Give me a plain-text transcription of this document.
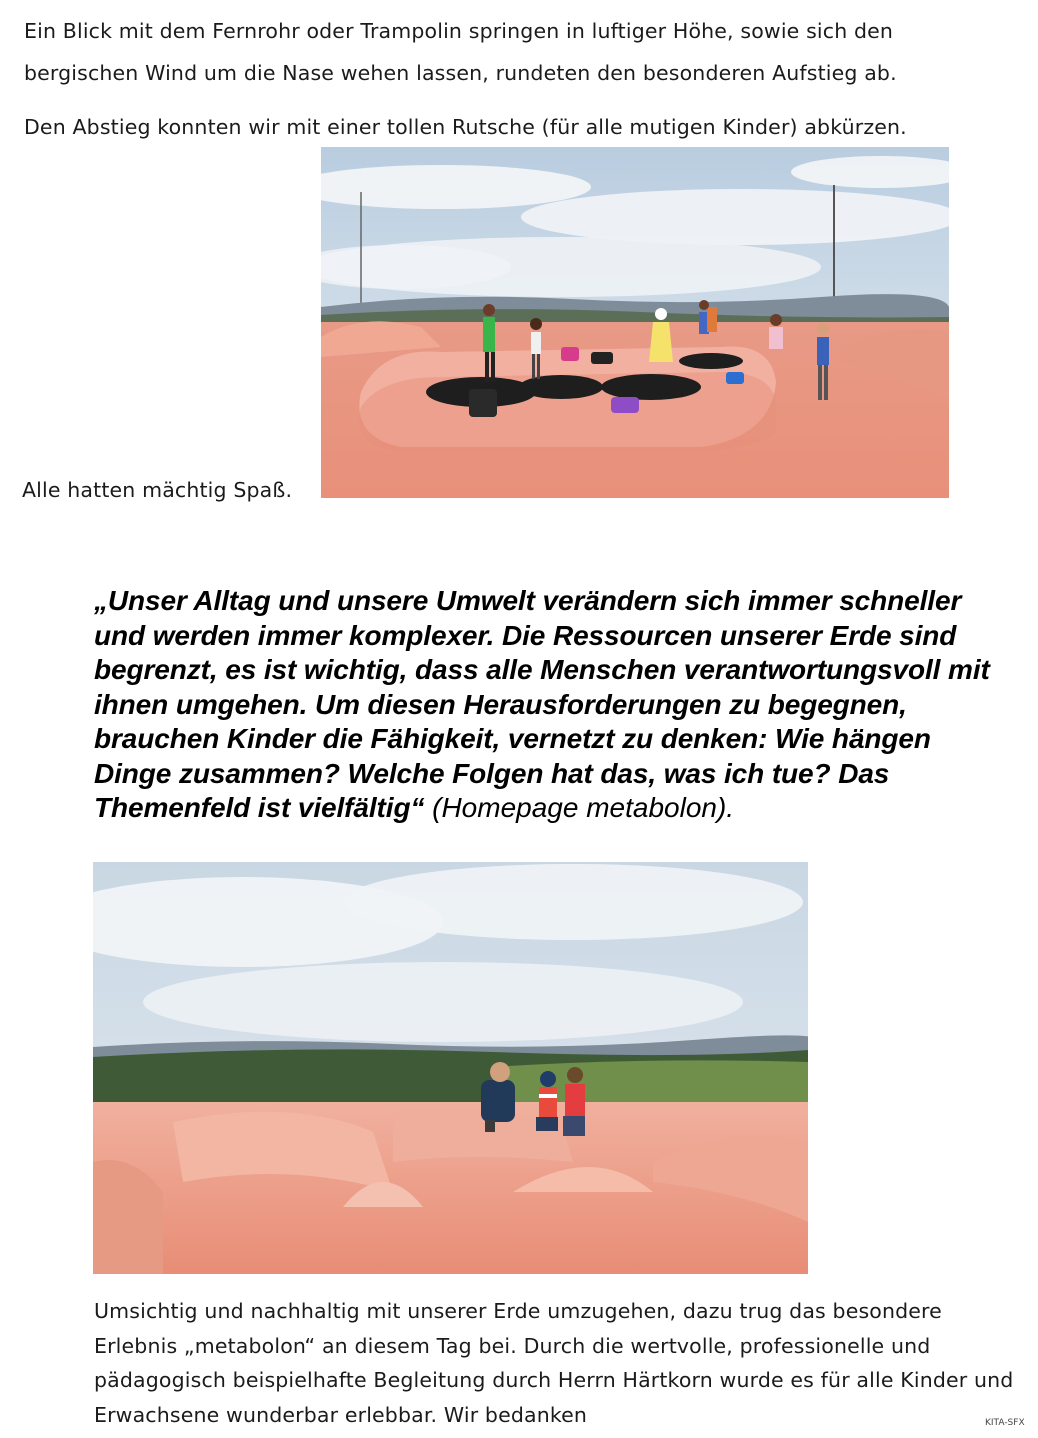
Ein Blick mit dem Fernrohr oder Trampolin springen in luftiger Höhe, sowie sich den bergischen Wind um die Nase wehen lassen, rundeten den besonderen Aufstieg ab.

Den Abstieg konnten wir mit einer tollen Rutsche (für alle mutigen Kinder) abkürzen.

Alle hatten mächtig Spaß.

„Unser Alltag und unsere Umwelt verändern sich immer schneller und werden immer komplexer. Die Ressourcen unserer Erde sind begrenzt, es ist wichtig, dass alle Menschen verantwortungsvoll mit ihnen umgehen. Um diesen Herausforderungen zu begegnen, brauchen Kinder die Fähigkeit, vernetzt zu denken: Wie hängen Dinge zusammen? Welche Folgen hat das, was ich tue? Das Themenfeld ist vielfältig“ (Homepage metabolon).

Umsichtig und nachhaltig mit unserer Erde umzugehen, dazu trug das besondere Erlebnis „metabolon“ an diesem Tag bei. Durch die wertvolle, professionelle und pädagogisch beispielhafte Begleitung durch Herrn Härtkorn wurde es für alle Kinder und Erwachsene wunderbar erlebbar. Wir bedanken	KITA-SFX
